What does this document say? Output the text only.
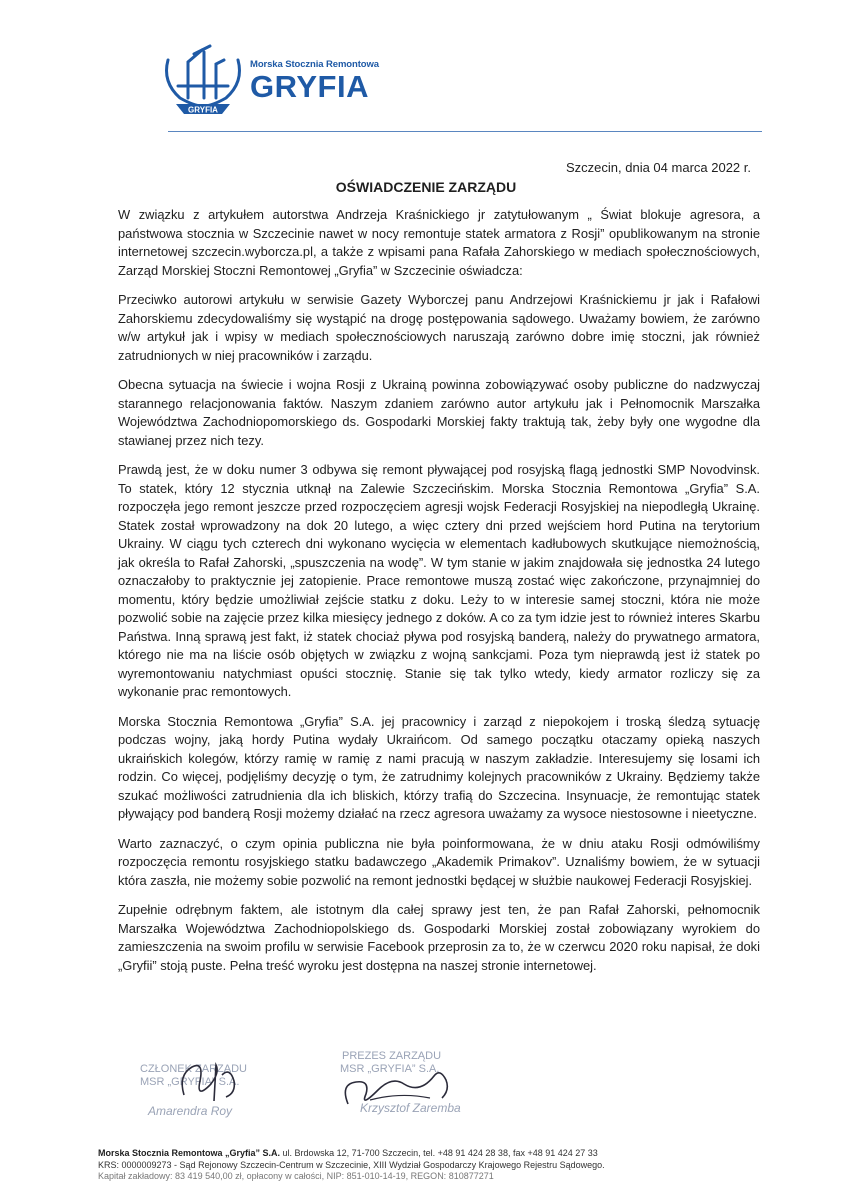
GRYFIA
Morska Stocznia Remontowa
GRYFIA
Szczecin, dnia 04 marca 2022 r.
OŚWIADCZENIE ZARZĄDU

W związku z artykułem autorstwa Andrzeja Kraśnickiego jr zatytułowanym „ Świat blokuje agresora, a państwowa stocznia w Szczecinie nawet w nocy remontuje statek armatora z Rosji” opublikowanym na stronie internetowej szczecin.wyborcza.pl, a także z wpisami pana Rafała Zahorskiego w mediach społecznościowych, Zarząd Morskiej Stoczni Remontowej „Gryfia” w Szczecinie oświadcza:

Przeciwko autorowi artykułu w serwisie Gazety Wyborczej panu Andrzejowi Kraśnickiemu jr jak i Rafałowi Zahorskiemu zdecydowaliśmy się wystąpić na drogę postępowania sądowego. Uważamy bowiem, że zarówno w/w artykuł jak i wpisy w mediach społecznościowych naruszają zarówno dobre imię stoczni, jak również zatrudnionych w niej pracowników i zarządu.

Obecna sytuacja na świecie i wojna Rosji z Ukrainą powinna zobowiązywać osoby publiczne do nadzwyczaj starannego relacjonowania faktów. Naszym zdaniem zarówno autor artykułu jak i Pełnomocnik Marszałka Województwa Zachodniopomorskiego ds. Gospodarki Morskiej fakty traktują tak, żeby były one wygodne dla stawianej przez nich tezy.

Prawdą jest, że w doku numer 3 odbywa się remont pływającej pod rosyjską flagą jednostki SMP Novodvinsk. To statek, który 12 stycznia utknął na Zalewie Szczecińskim. Morska Stocznia Remontowa „Gryfia” S.A. rozpoczęła jego remont jeszcze przed rozpoczęciem agresji wojsk Federacji Rosyjskiej na niepodległą Ukrainę. Statek został wprowadzony na dok 20 lutego, a więc cztery dni przed wejściem hord Putina na terytorium Ukrainy. W ciągu tych czterech dni wykonano wycięcia w elementach kadłubowych skutkujące niemożnością, jak określa to Rafał Zahorski, „spuszczenia na wodę”. W tym stanie w jakim znajdowała się jednostka 24 lutego oznaczałoby to praktycznie jej zatopienie. Prace remontowe muszą zostać więc zakończone, przynajmniej do momentu, który będzie umożliwiał zejście statku z doku. Leży to w interesie samej stoczni, która nie może pozwolić sobie na zajęcie przez kilka miesięcy jednego z doków. A co za tym idzie jest to również interes Skarbu Państwa. Inną sprawą jest fakt, iż statek chociaż pływa pod rosyjską banderą, należy do prywatnego armatora, którego nie ma na liście osób objętych w związku z wojną sankcjami. Poza tym nieprawdą jest iż statek po wyremontowaniu natychmiast opuści stocznię. Stanie się tak tylko wtedy, kiedy armator rozliczy się za wykonanie prac remontowych.

Morska Stocznia Remontowa „Gryfia” S.A. jej pracownicy i zarząd z niepokojem i troską śledzą sytuację podczas wojny, jaką hordy Putina wydały Ukraińcom. Od samego początku otaczamy opieką naszych ukraińskich kolegów, którzy ramię w ramię z nami pracują w naszym zakładzie. Interesujemy się losami ich rodzin. Co więcej, podjęliśmy decyzję o tym, że zatrudnimy kolejnych pracowników z Ukrainy. Będziemy także szukać możliwości zatrudnienia dla ich bliskich, którzy trafią do Szczecina. Insynuacje, że remontując statek pływający pod banderą Rosji możemy działać na rzecz agresora uważamy za wysoce niestosowne i nieetyczne.

Warto zaznaczyć, o czym opinia publiczna nie była poinformowana, że w dniu ataku Rosji odmówiliśmy rozpoczęcia remontu rosyjskiego statku badawczego „Akademik Primakov”. Uznaliśmy bowiem, że w sytuacji która zaszła, nie możemy sobie pozwolić na remont jednostki będącej w służbie naukowej Federacji Rosyjskiej.

Zupełnie odrębnym faktem, ale istotnym dla całej sprawy jest ten, że pan Rafał Zahorski, pełnomocnik Marszałka Województwa Zachodniopolskiego ds. Gospodarki Morskiej został zobowiązany wyrokiem do zamieszczenia na swoim profilu w serwisie Facebook przeprosin za to, że w czerwcu 2020 roku napisał, że doki „Gryfii” stoją puste. Pełna treść wyroku jest dostępna na naszej stronie internetowej.

CZŁONEK ZARZĄDU
MSR „GRYFIA” S.A.
Amarendra Roy
PREZES ZARZĄDU
MSR „GRYFIA” S.A.
Krzysztof Zaremba
Morska Stocznia Remontowa „Gryfia” S.A. ul. Brdowska 12, 71-700 Szczecin, tel. +48 91 424 28 38, fax +48 91 424 27 33
KRS: 0000009273 - Sąd Rejonowy Szczecin-Centrum w Szczecinie, XIII Wydział Gospodarczy Krajowego Rejestru Sądowego.
Kapitał zakładowy: 83 419 540,00 zł, opłacony w całości, NIP: 851-010-14-19, REGON: 810877271
